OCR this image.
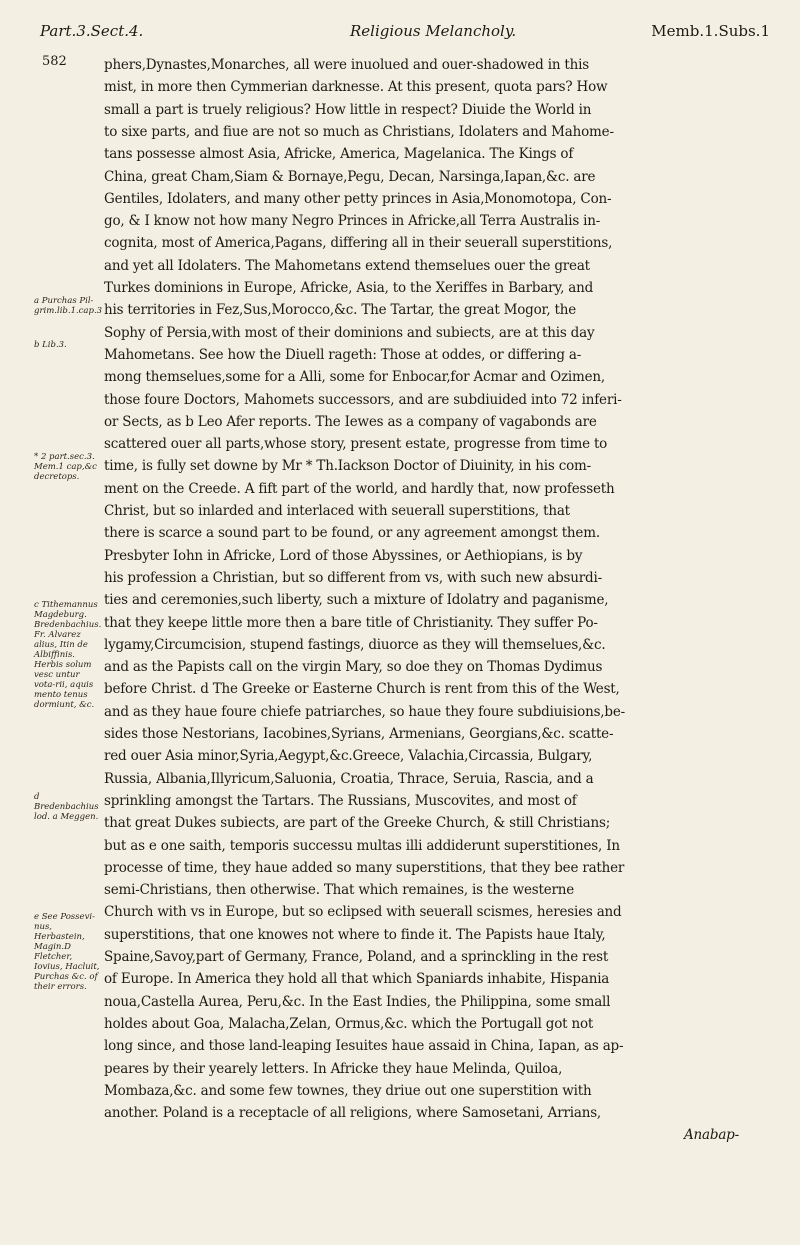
Part.3.Sect.4.	Religious Melancholy.	Memb.1.Subs.1
582
a Purchas Pil-grim.lib.1.cap.3
b Lib.3.
* 2 part.sec.3. Mem.1 cap,&c decretops.
c Tithemannus Magdeburg. Bredenbachius. Fr. Alvarez alius, Itin de Albiffinis. Herbis solum vesc untur vota-rii, aquis mento tenus dormiunt, &c.
d Bredenbachius lod. a Meggen.
e See Possevi-nus, Herbastein, Magin.D Fletcher, Iovius, Hacluit, Purchas &c. of their errors.
phers,Dynastes,Monarches, all were inuolued and ouer-shadowed in this
mist, in more then Cymmerian darknesse. At this present, quota pars? How
small a part is truely religious? How little in respect? Diuide the World in
to sixe parts, and fiue are not so much as Christians, Idolaters and Mahome-
tans possesse almost Asia, Africke, America, Magelanica. The Kings of
China, great Cham,Siam & Bornaye,Pegu, Decan, Narsinga,Iapan,&c. are
Gentiles, Idolaters, and many other petty princes in Asia,Monomotopa, Con-
go, & I know not how many Negro Princes in Africke,all Terra Australis in-
cognita, most of America,Pagans, differing all in their seuerall superstitions,
and yet all Idolaters. The Mahometans extend themselues ouer the great
Turkes dominions in Europe, Africke, Asia, to the Xeriffes in Barbary, and
his territories in Fez,Sus,Morocco,&c. The Tartar, the great Mogor, the
Sophy of Persia,with most of their dominions and subiects, are at this day
Mahometans. See how the Diuell rageth: Those at oddes, or differing a-
mong themselues,some for a Alli, some for Enbocar,for Acmar and Ozimen,
those foure Doctors, Mahomets successors, and are subdiuided into 72 inferi-
or Sects, as b Leo Afer reports. The Iewes as a company of vagabonds are
scattered ouer all parts,whose story, present estate, progresse from time to
time, is fully set downe by Mr * Th.Iackson Doctor of Diuinity, in his com-
ment on the Creede. A fift part of the world, and hardly that, now professeth
Christ, but so inlarded and interlaced with seuerall superstitions, that
there is scarce a sound part to be found, or any agreement amongst them.
Presbyter Iohn in Africke, Lord of those Abyssines, or Aethiopians, is by
his profession a Christian, but so different from vs, with such new absurdi-
ties and ceremonies,such liberty, such a mixture of Idolatry and paganisme,
that they keepe little more then a bare title of Christianity. They suffer Po-
lygamy,Circumcision, stupend fastings, diuorce as they will themselues,&c.
and as the Papists call on the virgin Mary, so doe they on Thomas Dydimus
before Christ. d The Greeke or Easterne Church is rent from this of the West,
and as they haue foure chiefe patriarches, so haue they foure subdiuisions,be-
sides those Nestorians, Iacobines,Syrians, Armenians, Georgians,&c. scatte-
red ouer Asia minor,Syria,Aegypt,&c.Greece, Valachia,Circassia, Bulgary,
Russia, Albania,Illyricum,Saluonia, Croatia, Thrace, Seruia, Rascia, and a
sprinkling amongst the Tartars. The Russians, Muscovites, and most of
that great Dukes subiects, are part of the Greeke Church, & still Christians;
but as e one saith, temporis successu multas illi addiderunt superstitiones, In
processe of time, they haue added so many superstitions, that they bee rather
semi-Christians, then otherwise. That which remaines, is the westerne
Church with vs in Europe, but so eclipsed with seuerall scismes, heresies and
superstitions, that one knowes not where to finde it. The Papists haue Italy,
Spaine,Savoy,part of Germany, France, Poland, and a sprinckling in the rest
of Europe. In America they hold all that which Spaniards inhabite, Hispania
noua,Castella Aurea, Peru,&c. In the East Indies, the Philippina, some small
holdes about Goa, Malacha,Zelan, Ormus,&c. which the Portugall got not
long since, and those land-leaping Iesuites haue assaid in China, Iapan, as ap-
peares by their yearely letters. In Africke they haue Melinda, Quiloa,
Mombaza,&c. and some few townes, they driue out one superstition with
another. Poland is a receptacle of all religions, where Samosetani, Arrians,
Anabap-
